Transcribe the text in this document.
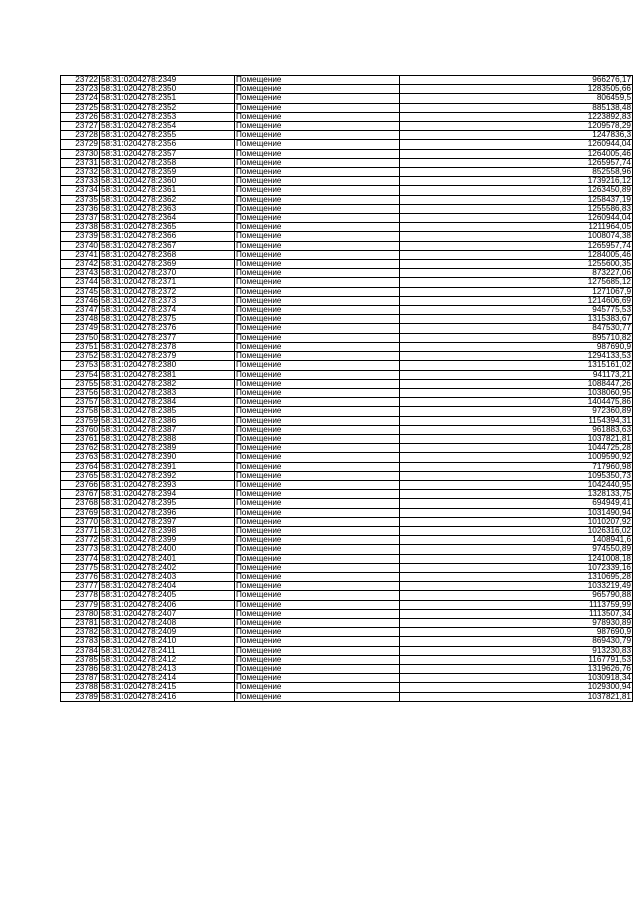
23722	58:31:0204278:2349	Помещение	966276,17
23723	58:31:0204278:2350	Помещение	1283505,66
23724	58:31:0204278:2351	Помещение	806459,5
23725	58:31:0204278:2352	Помещение	885138,48
23726	58:31:0204278:2353	Помещение	1223892,83
23727	58:31:0204278:2354	Помещение	1209578,29
23728	58:31:0204278:2355	Помещение	1247836,3
23729	58:31:0204278:2356	Помещение	1260944,04
23730	58:31:0204278:2357	Помещение	1264005,46
23731	58:31:0204278:2358	Помещение	1265957,74
23732	58:31:0204278:2359	Помещение	852558,96
23733	58:31:0204278:2360	Помещение	1739216,12
23734	58:31:0204278:2361	Помещение	1263450,89
23735	58:31:0204278:2362	Помещение	1258437,19
23736	58:31:0204278:2363	Помещение	1255586,83
23737	58:31:0204278:2364	Помещение	1260944,04
23738	58:31:0204278:2365	Помещение	1211964,05
23739	58:31:0204278:2366	Помещение	1008074,38
23740	58:31:0204278:2367	Помещение	1265957,74
23741	58:31:0204278:2368	Помещение	1284005,46
23742	58:31:0204278:2369	Помещение	1255600,35
23743	58:31:0204278:2370	Помещение	873227,06
23744	58:31:0204278:2371	Помещение	1275685,12
23745	58:31:0204278:2372	Помещение	1271067,9
23746	58:31:0204278:2373	Помещение	1214606,69
23747	58:31:0204278:2374	Помещение	945775,53
23748	58:31:0204278:2375	Помещение	1315383,67
23749	58:31:0204278:2376	Помещение	847530,77
23750	58:31:0204278:2377	Помещение	895710,82
23751	58:31:0204278:2378	Помещение	987690,9
23752	58:31:0204278:2379	Помещение	1294133,53
23753	58:31:0204278:2380	Помещение	1315161,02
23754	58:31:0204278:2381	Помещение	941173,21
23755	58:31:0204278:2382	Помещение	1088447,26
23756	58:31:0204278:2383	Помещение	1038060,95
23757	58:31:0204278:2384	Помещение	1404475,86
23758	58:31:0204278:2385	Помещение	972360,89
23759	58:31:0204278:2386	Помещение	1154394,31
23760	58:31:0204278:2387	Помещение	961883,63
23761	58:31:0204278:2388	Помещение	1037821,81
23762	58:31:0204278:2389	Помещение	1044725,28
23763	58:31:0204278:2390	Помещение	1009590,92
23764	58:31:0204278:2391	Помещение	717960,98
23765	58:31:0204278:2392	Помещение	1095350,73
23766	58:31:0204278:2393	Помещение	1042440,95
23767	58:31:0204278:2394	Помещение	1328133,75
23768	58:31:0204278:2395	Помещение	694949,41
23769	58:31:0204278:2396	Помещение	1031490,94
23770	58:31:0204278:2397	Помещение	1010207,92
23771	58:31:0204278:2398	Помещение	1026316,02
23772	58:31:0204278:2399	Помещение	1408941,6
23773	58:31:0204278:2400	Помещение	974550,89
23774	58:31:0204278:2401	Помещение	1241008,18
23775	58:31:0204278:2402	Помещение	1072339,16
23776	58:31:0204278:2403	Помещение	1310695,28
23777	58:31:0204278:2404	Помещение	1033219,49
23778	58:31:0204278:2405	Помещение	965790,88
23779	58:31:0204278:2406	Помещение	1113759,99
23780	58:31:0204278:2407	Помещение	1113507,34
23781	58:31:0204278:2408	Помещение	978930,89
23782	58:31:0204278:2409	Помещение	987690,9
23783	58:31:0204278:2410	Помещение	869430,79
23784	58:31:0204278:2411	Помещение	913230,83
23785	58:31:0204278:2412	Помещение	1167791,53
23786	58:31:0204278:2413	Помещение	1319626,76
23787	58:31:0204278:2414	Помещение	1030918,34
23788	58:31:0204278:2415	Помещение	1029300,94
23789	58:31:0204278:2416	Помещение	1037821,81
